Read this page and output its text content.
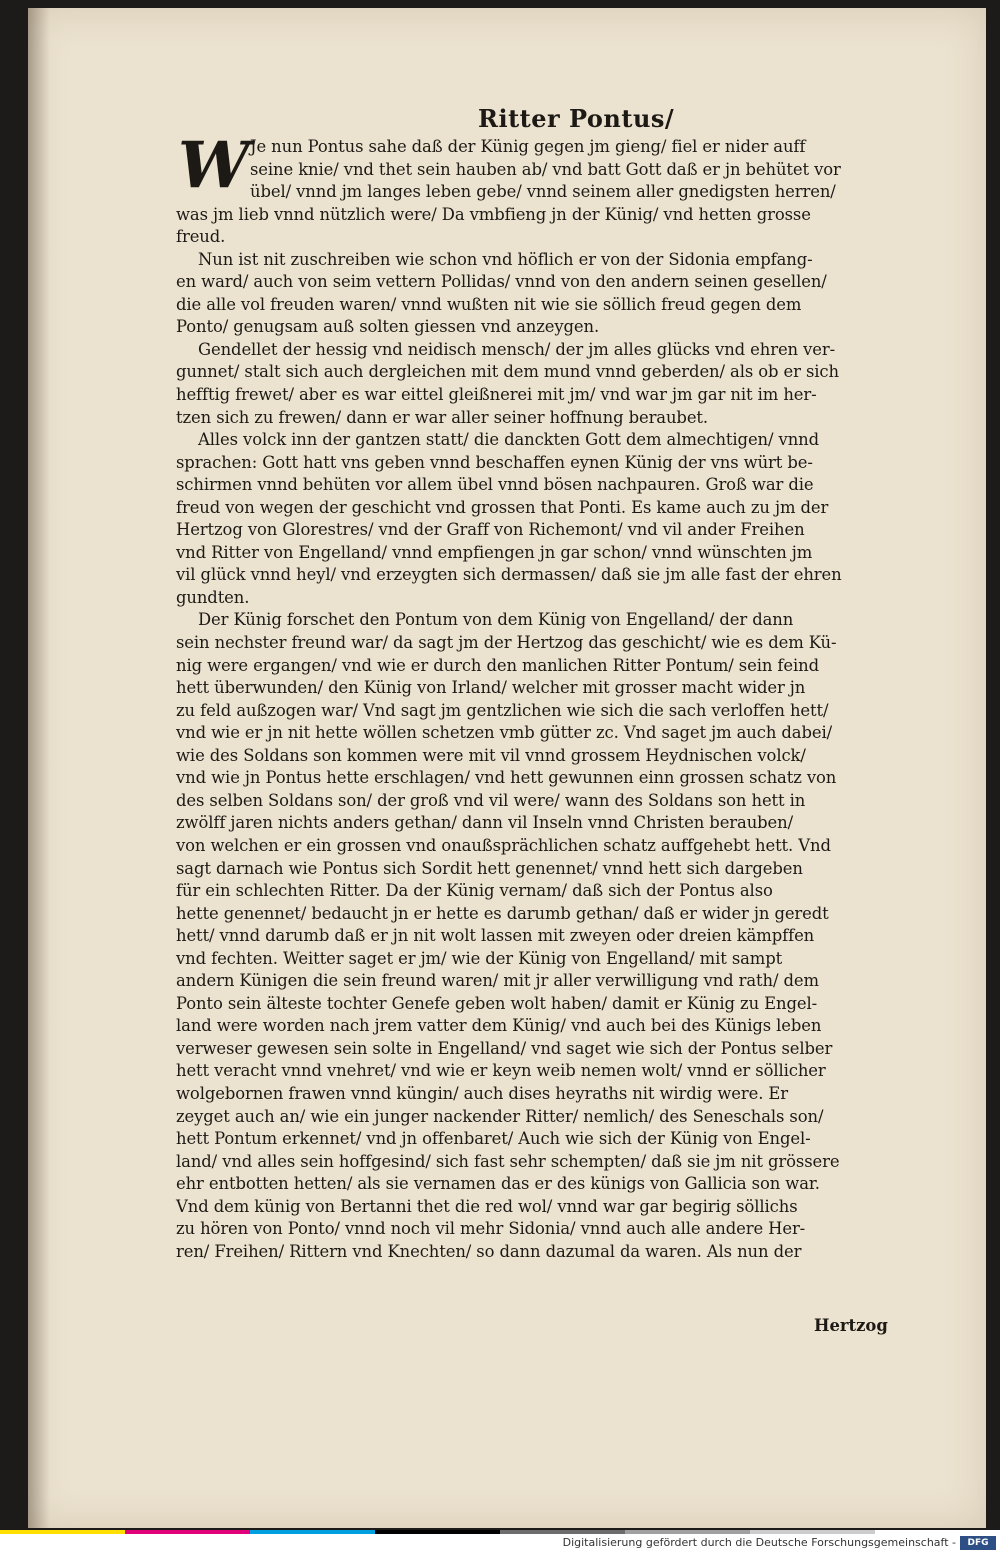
Ritter Pontus/
W Je nun Pontus sahe daß der Künig gegen jm gieng/ fiel er nider auff
seine knie/ vnd thet sein hauben ab/ vnd batt Gott daß er jn behütet vor
übel/ vnnd jm langes leben gebe/ vnnd seinem aller gnedigsten herren/
was jm lieb vnnd nützlich were/ Da vmbfieng jn der Künig/ vnd hetten grosse
freud.
Nun ist nit zuschreiben wie schon vnd höflich er von der Sidonia empfang-
en ward/ auch von seim vettern Pollidas/ vnnd von den andern seinen gesellen/
die alle vol freuden waren/ vnnd wußten nit wie sie söllich freud gegen dem
Ponto/ genugsam auß solten giessen vnd anzeygen.
Gendellet der hessig vnd neidisch mensch/ der jm alles glücks vnd ehren ver-
gunnet/ stalt sich auch dergleichen mit dem mund vnnd geberden/ als ob er sich
hefftig frewet/ aber es war eittel gleißnerei mit jm/ vnd war jm gar nit im her-
tzen sich zu frewen/ dann er war aller seiner hoffnung beraubet.
Alles volck inn der gantzen statt/ die danckten Gott dem almechtigen/ vnnd
sprachen: Gott hatt vns geben vnnd beschaffen eynen Künig der vns würt be-
schirmen vnnd behüten vor allem übel vnnd bösen nachpauren. Groß war die
freud von wegen der geschicht vnd grossen that Ponti. Es kame auch zu jm der
Hertzog von Glorestres/ vnd der Graff von Richemont/ vnd vil ander Freihen
vnd Ritter von Engelland/ vnnd empfiengen jn gar schon/ vnnd wünschten jm
vil glück vnnd heyl/ vnd erzeygten sich dermassen/ daß sie jm alle fast der ehren
gundten.
Der Künig forschet den Pontum von dem Künig von Engelland/ der dann
sein nechster freund war/ da sagt jm der Hertzog das geschicht/ wie es dem Kü-
nig were ergangen/ vnd wie er durch den manlichen Ritter Pontum/ sein feind
hett überwunden/ den Künig von Irland/ welcher mit grosser macht wider jn
zu feld außzogen war/ Vnd sagt jm gentzlichen wie sich die sach verloffen hett/
vnd wie er jn nit hette wöllen schetzen vmb gütter zc. Vnd saget jm auch dabei/
wie des Soldans son kommen were mit vil vnnd grossem Heydnischen volck/
vnd wie jn Pontus hette erschlagen/ vnd hett gewunnen einn grossen schatz von
des selben Soldans son/ der groß vnd vil were/ wann des Soldans son hett in
zwölff jaren nichts anders gethan/ dann vil Inseln vnnd Christen berauben/
von welchen er ein grossen vnd onaußsprächlichen schatz auffgehebt hett. Vnd
sagt darnach wie Pontus sich Sordit hett genennet/ vnnd hett sich dargeben
für ein schlechten Ritter. Da der Künig vernam/ daß sich der Pontus also
hette genennet/ bedaucht jn er hette es darumb gethan/ daß er wider jn geredt
hett/ vnnd darumb daß er jn nit wolt lassen mit zweyen oder dreien kämpffen
vnd fechten. Weitter saget er jm/ wie der Künig von Engelland/ mit sampt
andern Künigen die sein freund waren/ mit jr aller verwilligung vnd rath/ dem
Ponto sein älteste tochter Genefe geben wolt haben/ damit er Künig zu Engel-
land were worden nach jrem vatter dem Künig/ vnd auch bei des Künigs leben
verweser gewesen sein solte in Engelland/ vnd saget wie sich der Pontus selber
hett veracht vnnd vnehret/ vnd wie er keyn weib nemen wolt/ vnnd er söllicher
wolgebornen frawen vnnd küngin/ auch dises heyraths nit wirdig were. Er
zeyget auch an/ wie ein junger nackender Ritter/ nemlich/ des Seneschals son/
hett Pontum erkennet/ vnd jn offenbaret/ Auch wie sich der Künig von Engel-
land/ vnd alles sein hoffgesind/ sich fast sehr schempten/ daß sie jm nit grössere
ehr entbotten hetten/ als sie vernamen das er des künigs von Gallicia son war.
Vnd dem künig von Bertanni thet die red wol/ vnnd war gar begirig söllichs
zu hören von Ponto/ vnnd noch vil mehr Sidonia/ vnnd auch alle andere Her-
ren/ Freihen/ Rittern vnd Knechten/ so dann dazumal da waren. Als nun der
Hertzog
Digitalisierung gefördert durch die Deutsche Forschungsgemeinschaft -	DFG
